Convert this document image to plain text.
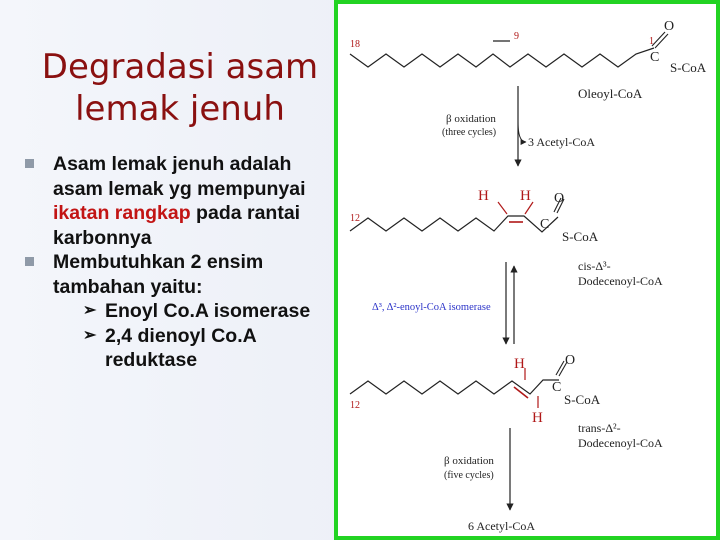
Degradasi asam
lemak jenuh
Asam lemak jenuh adalah asam lemak yg mempunyai ikatan rangkap pada rantai karbonnya
Membutuhkan 2 ensim tambahan yaitu:
➢ Enoyl Co.A isomerase
➢ 2,4 dienoyl Co.A reduktase
18
9	1
O
C
S-CoA
Oleoyl-CoA
β oxidation
(three cycles)
3 Acetyl-CoA
12
H H O
C
S-CoA
cis-Δ³-
Dodecenoyl-CoA
Δ³, Δ²-enoyl-CoA isomerase
12
H
H
O
C
S-CoA
trans-Δ²-
Dodecenoyl-CoA
β oxidation
(five cycles)
6 Acetyl-CoA
